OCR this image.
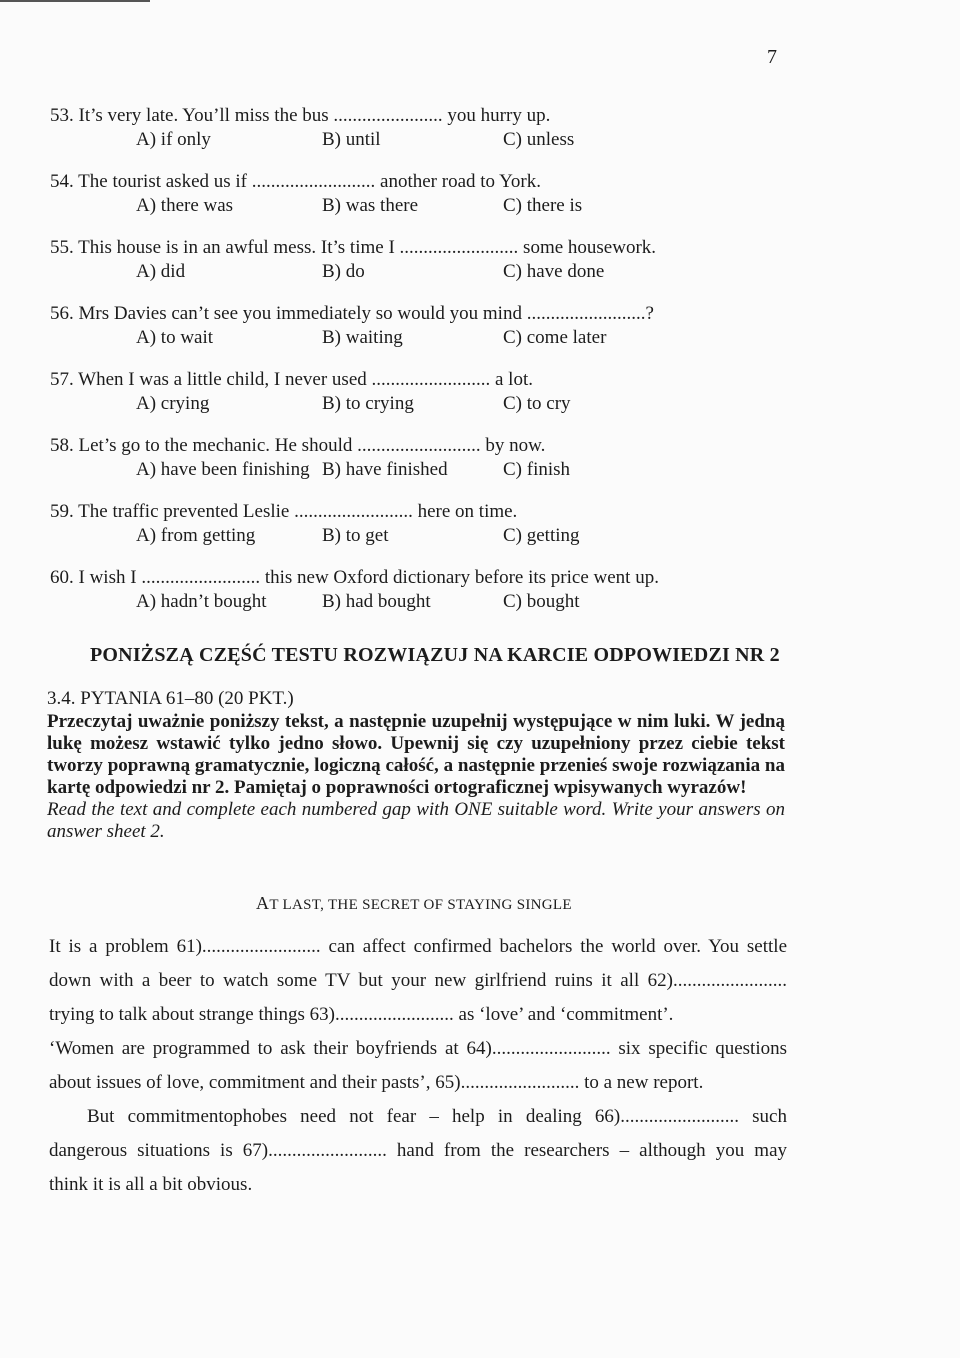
7
53. It’s very late. You’ll miss the bus ....................... you hurry up.
A) if only	B) until	C) unless
54. The tourist asked us if .......................... another road to York.
A) there was	B) was there	C) there is
55. This house is in an awful mess. It’s time I ......................... some housework.
A) did	B) do	C) have done
56. Mrs Davies can’t see you immediately so would you mind .........................?
A) to wait	B) waiting	C) come later
57. When I was a little child, I never used ......................... a lot.
A) crying	B) to crying	C) to cry
58. Let’s go to the mechanic. He should .......................... by now.
A) have been finishing B) have finished	C) finish
59. The traffic prevented Leslie ......................... here on time.
A) from getting	B) to get	C) getting
60. I wish I ......................... this new Oxford dictionary before its price went up.
A) hadn’t bought	B) had bought	C) bought
PONIŻSZĄ CZĘŚĆ TESTU ROZWIĄZUJ NA KARCIE ODPOWIEDZI NR 2
3.4. PYTANIA 61–80 (20 PKT.)
Przeczytaj uważnie poniższy tekst, a następnie uzupełnij występujące w nim luki. W jedną lukę możesz wstawić tylko jedno słowo. Upewnij się czy uzupełniony przez ciebie tekst tworzy poprawną gramatycznie, logiczną całość, a następnie przenieś swoje rozwiązania na kartę odpowiedzi nr 2. Pamiętaj o poprawności ortograficznej wpisywanych wyrazów!
Read the text and complete each numbered gap with ONE suitable word. Write your answers on answer sheet 2.
AT LAST, THE SECRET OF STAYING SINGLE
It is a problem 61)......................... can affect confirmed bachelors the world over. You settle
down with a beer to watch some TV but your new girlfriend ruins it all 62)........................
trying to talk about strange things 63)......................... as ‘love’ and ‘commitment’.
‘Women are programmed to ask their boyfriends at 64)......................... six specific questions
about issues of love, commitment and their pasts’, 65)......................... to a new report.
But commitmentophobes need not fear – help in dealing 66)......................... such
dangerous situations is 67)......................... hand from the researchers – although you may
think it is all a bit obvious.
